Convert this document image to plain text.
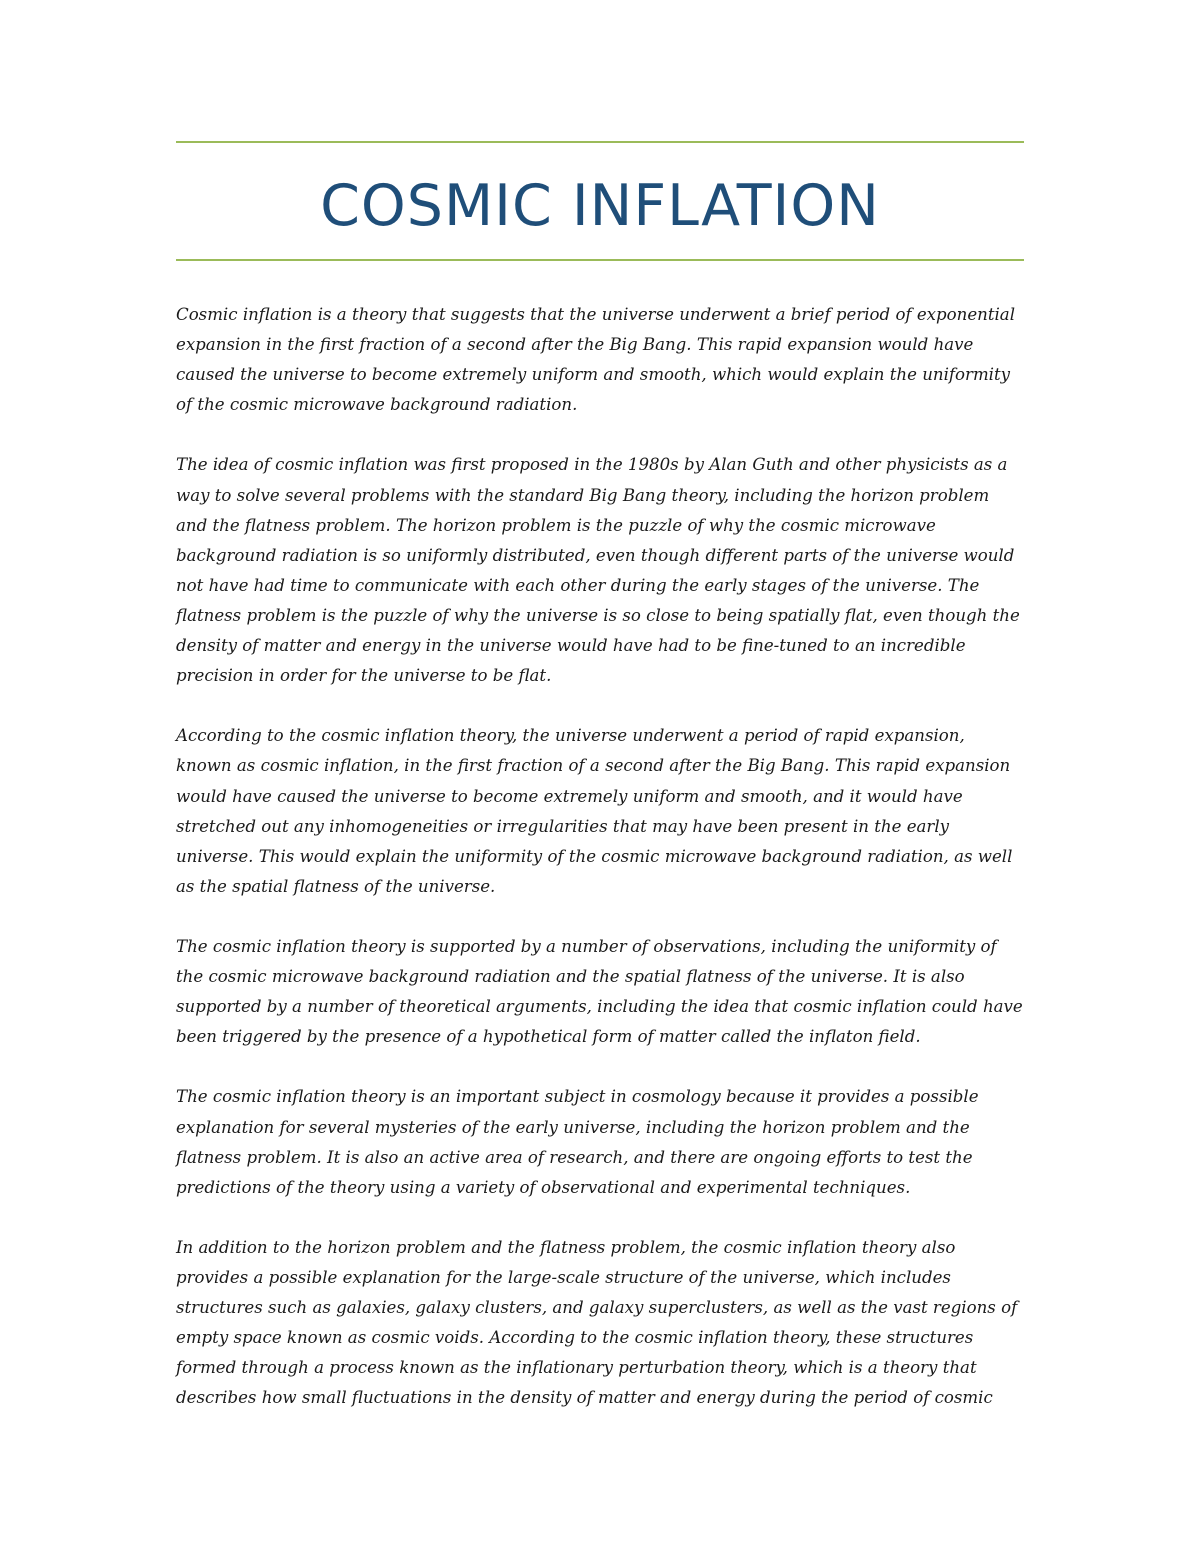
COSMIC INFLATION

Cosmic inflation is a theory that suggests that the universe underwent a brief period of exponential expansion in the first fraction of a second after the Big Bang. This rapid expansion would have caused the universe to become extremely uniform and smooth, which would explain the uniformity of the cosmic microwave background radiation.

The idea of cosmic inflation was first proposed in the 1980s by Alan Guth and other physicists as a way to solve several problems with the standard Big Bang theory, including the horizon problem and the flatness problem. The horizon problem is the puzzle of why the cosmic microwave background radiation is so uniformly distributed, even though different parts of the universe would not have had time to communicate with each other during the early stages of the universe. The flatness problem is the puzzle of why the universe is so close to being spatially flat, even though the density of matter and energy in the universe would have had to be fine-tuned to an incredible precision in order for the universe to be flat.

According to the cosmic inflation theory, the universe underwent a period of rapid expansion, known as cosmic inflation, in the first fraction of a second after the Big Bang. This rapid expansion would have caused the universe to become extremely uniform and smooth, and it would have stretched out any inhomogeneities or irregularities that may have been present in the early universe. This would explain the uniformity of the cosmic microwave background radiation, as well as the spatial flatness of the universe.

The cosmic inflation theory is supported by a number of observations, including the uniformity of the cosmic microwave background radiation and the spatial flatness of the universe. It is also supported by a number of theoretical arguments, including the idea that cosmic inflation could have been triggered by the presence of a hypothetical form of matter called the inflaton field.

The cosmic inflation theory is an important subject in cosmology because it provides a possible explanation for several mysteries of the early universe, including the horizon problem and the flatness problem. It is also an active area of research, and there are ongoing efforts to test the predictions of the theory using a variety of observational and experimental techniques.

In addition to the horizon problem and the flatness problem, the cosmic inflation theory also provides a possible explanation for the large-scale structure of the universe, which includes structures such as galaxies, galaxy clusters, and galaxy superclusters, as well as the vast regions of empty space known as cosmic voids. According to the cosmic inflation theory, these structures formed through a process known as the inflationary perturbation theory, which is a theory that describes how small fluctuations in the density of matter and energy during the period of cosmic
